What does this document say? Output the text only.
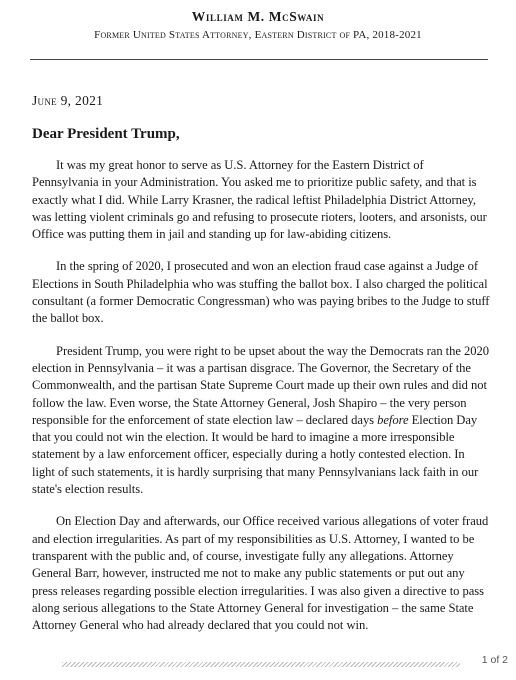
William M. McSwain
Former United States Attorney, Eastern District of PA, 2018-2021
June 9, 2021
Dear President Trump,

It was my great honor to serve as U.S. Attorney for the Eastern District of Pennsylvania in your Administration. You asked me to prioritize public safety, and that is exactly what I did. While Larry Krasner, the radical leftist Philadelphia District Attorney, was letting violent criminals go and refusing to prosecute rioters, looters, and arsonists, our Office was putting them in jail and standing up for law-abiding citizens.

In the spring of 2020, I prosecuted and won an election fraud case against a Judge of Elections in South Philadelphia who was stuffing the ballot box. I also charged the political consultant (a former Democratic Congressman) who was paying bribes to the Judge to stuff the ballot box.

President Trump, you were right to be upset about the way the Democrats ran the 2020 election in Pennsylvania – it was a partisan disgrace. The Governor, the Secretary of the Commonwealth, and the partisan State Supreme Court made up their own rules and did not follow the law. Even worse, the State Attorney General, Josh Shapiro – the very person responsible for the enforcement of state election law – declared days before Election Day that you could not win the election. It would be hard to imagine a more irresponsible statement by a law enforcement officer, especially during a hotly contested election. In light of such statements, it is hardly surprising that many Pennsylvanians lack faith in our state's election results.

On Election Day and afterwards, our Office received various allegations of voter fraud and election irregularities. As part of my responsibilities as U.S. Attorney, I wanted to be transparent with the public and, of course, investigate fully any allegations. Attorney General Barr, however, instructed me not to make any public statements or put out any press releases regarding possible election irregularities. I was also given a directive to pass along serious allegations to the State Attorney General for investigation – the same State Attorney General who had already declared that you could not win.

1 of 2
